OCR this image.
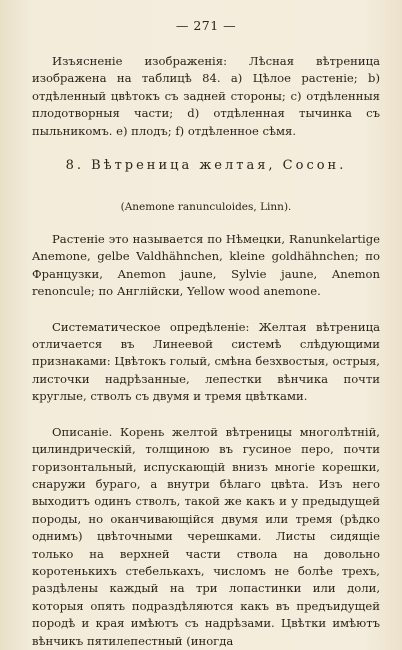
— 271 —

Изъясненіе изображенія: Лѣсная вѣтреница изображена на таблицѣ 84. a) Цѣлое растеніе; b) отдѣленный цвѣтокъ съ задней стороны; c) отдѣленныя плодотворныя части; d) отдѣленная тычинка съ пыльникомъ. e) плодъ; f) отдѣленное сѣмя.

8. Вѣтреница желтая, Сосон.
(Anemone ranunculoides, Linn).

Растеніе это называется по Нѣмецки, Ranunkelartige Anemone, gelbe Valdhähnchen, kleine goldhähnchen; по Французки, Anemon jaune, Sylvie jaune, Anemon renoncule; по Англійски, Yellow wood anemone.

Систематическое опредѣленіе: Желтая вѣтреница отличается въ Линеевой системѣ слѣдующими признаками: Цвѣтокъ голый, смѣна безхвостыя, острыя, листочки надрѣзанные, лепестки вѣнчика почти круглые, стволъ съ двумя и тремя цвѣтками.

Описаніе. Корень желтой вѣтреницы многолѣтній, цилиндрическій, толщиною въ гусиное перо, почти горизонтальный, испускающій внизъ многіе корешки, снаружи бураго, а внутри бѣлаго цвѣта. Изъ него выходитъ одинъ стволъ, такой же какъ и у предыдущей породы, но оканчивающійся двумя или тремя (рѣдко однимъ) цвѣточными черешками. Листы сидящіе только на верхней части ствола на довольно коротенькихъ стебелькахъ, числомъ не болѣе трехъ, раздѣлены каждый на три лопастинки или доли, которыя опять подраздѣляются какъ въ предъидущей породѣ и края имѣютъ съ надрѣзами. Цвѣтки имѣютъ вѣнчикъ пятилепестный (иногда
